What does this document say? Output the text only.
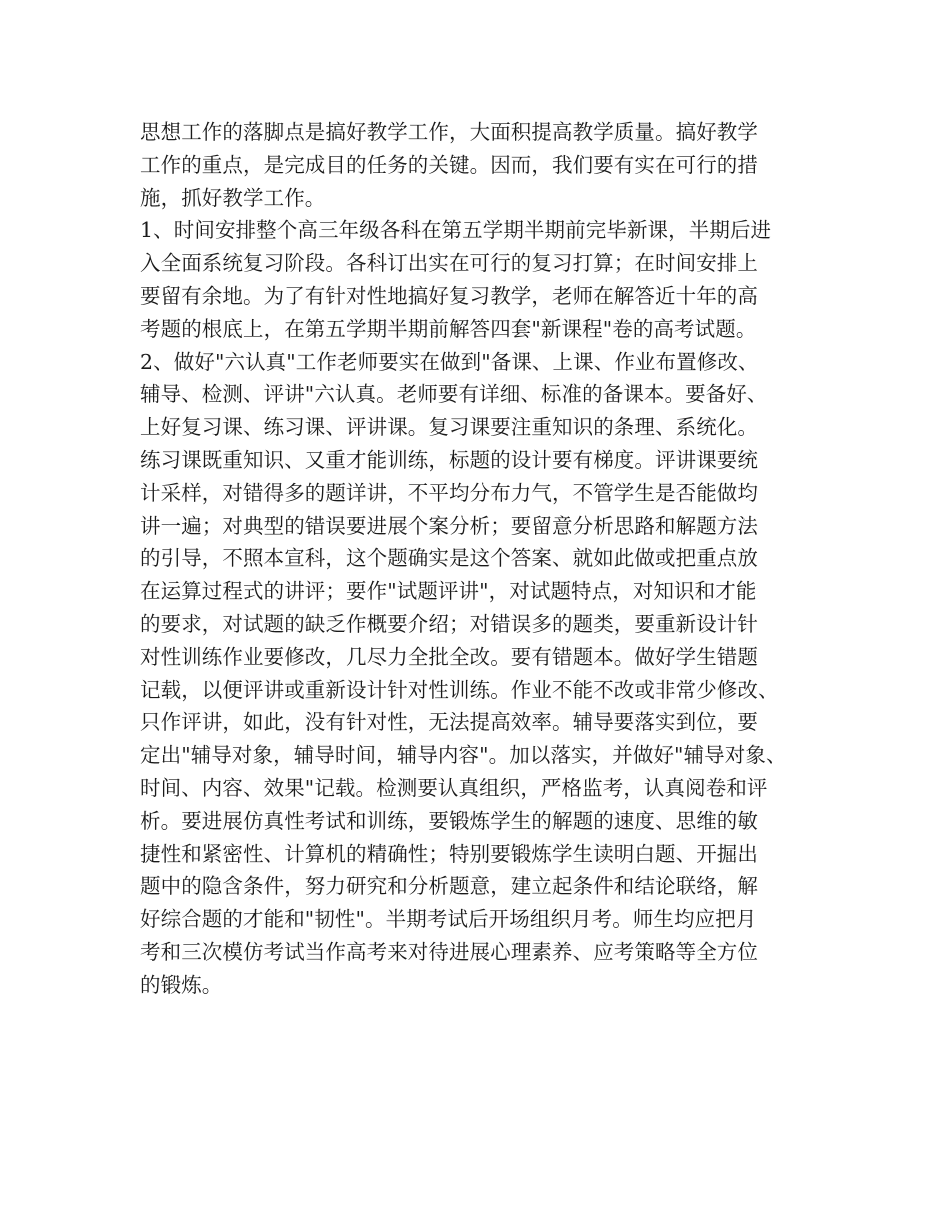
思想工作的落脚点是搞好教学工作，大面积提高教学质量。搞好教学
工作的重点，是完成目的任务的关键。因而，我们要有实在可行的措
施，抓好教学工作。
1、时间安排整个高三年级各科在第五学期半期前完毕新课，半期后进
入全面系统复习阶段。各科订出实在可行的复习打算；在时间安排上
要留有余地。为了有针对性地搞好复习教学，老师在解答近十年的高
考题的根底上，在第五学期半期前解答四套"新课程"卷的高考试题。
2、做好"六认真"工作老师要实在做到"备课、上课、作业布置修改、
辅导、检测、评讲"六认真。老师要有详细、标准的备课本。要备好、
上好复习课、练习课、评讲课。复习课要注重知识的条理、系统化。
练习课既重知识、又重才能训练，标题的设计要有梯度。评讲课要统
计采样，对错得多的题详讲，不平均分布力气，不管学生是否能做均
讲一遍；对典型的错误要进展个案分析；要留意分析思路和解题方法
的引导，不照本宣科，这个题确实是这个答案、就如此做或把重点放
在运算过程式的讲评；要作"试题评讲"，对试题特点，对知识和才能
的要求，对试题的缺乏作概要介绍；对错误多的题类，要重新设计针
对性训练作业要修改，几尽力全批全改。要有错题本。做好学生错题
记载，以便评讲或重新设计针对性训练。作业不能不改或非常少修改、
只作评讲，如此，没有针对性，无法提高效率。辅导要落实到位，要
定出"辅导对象，辅导时间，辅导内容"。加以落实，并做好"辅导对象、
时间、内容、效果"记载。检测要认真组织，严格监考，认真阅卷和评
析。要进展仿真性考试和训练，要锻炼学生的解题的速度、思维的敏
捷性和紧密性、计算机的精确性；特别要锻炼学生读明白题、开掘出
题中的隐含条件，努力研究和分析题意，建立起条件和结论联络，解
好综合题的才能和"韧性"。半期考试后开场组织月考。师生均应把月
考和三次模仿考试当作高考来对待进展心理素养、应考策略等全方位
的锻炼。
